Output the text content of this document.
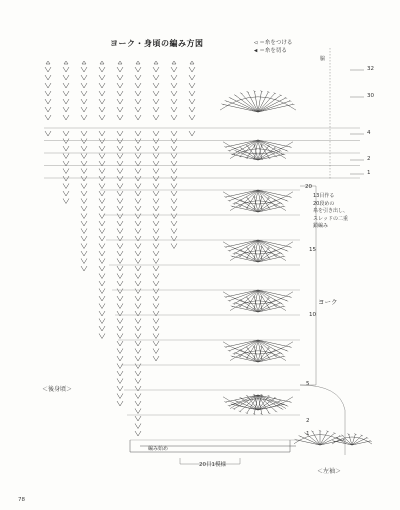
ヨーク・身頃の編み方図	◁ ＝糸をつける
◀ ＝糸を切る
32
30
4
2
1
20
15
10
5
2
1
脇
ヨーク
＜後身頃＞
＜左袖＞
編み始め
20目1模様
13目作る
20段めの
糸を引き出し、
スレッドの二重
鎖編み
78
